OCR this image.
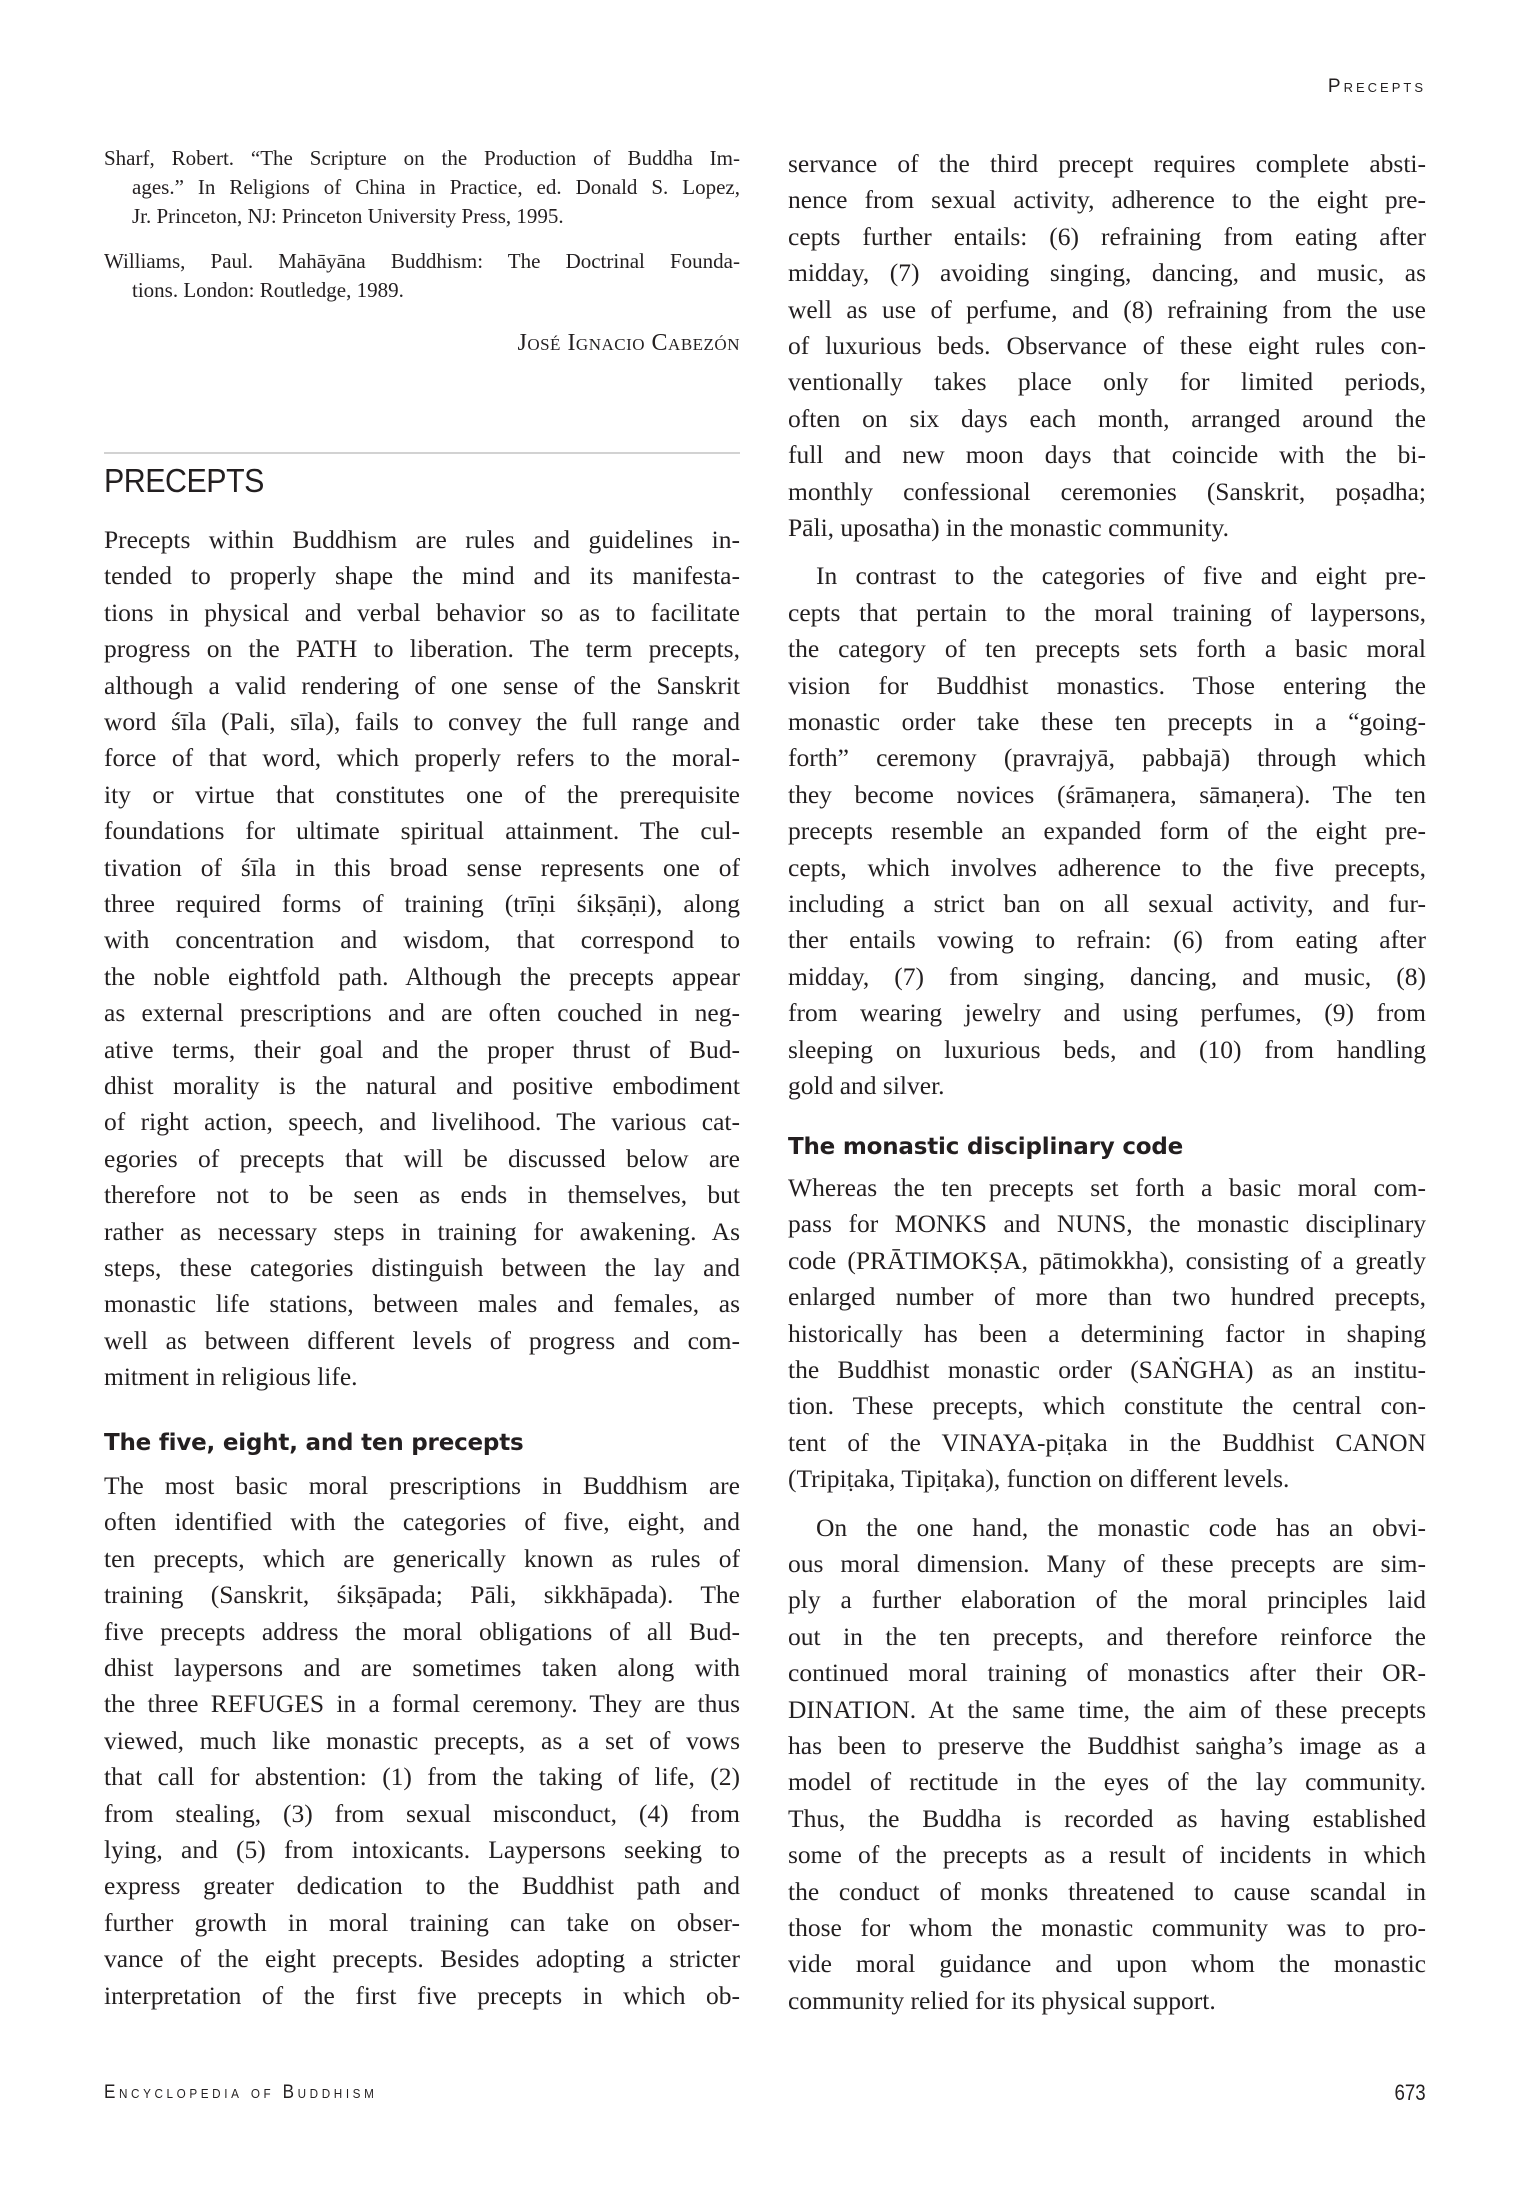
Precepts
Sharf, Robert. “The Scripture on the Production of Buddha Im-
ages.” In Religions of China in Practice, ed. Donald S. Lopez,
Jr. Princeton, NJ: Princeton University Press, 1995.
Williams, Paul. Mahāyāna Buddhism: The Doctrinal Founda-
tions. London: Routledge, 1989.
José Ignacio Cabezón
PRECEPTS
Precepts within Buddhism are rules and guidelines in-
tended to properly shape the mind and its manifesta-
tions in physical and verbal behavior so as to facilitate
progress on the PATH to liberation. The term precepts,
although a valid rendering of one sense of the Sanskrit
word śīla (Pali, sīla), fails to convey the full range and
force of that word, which properly refers to the moral-
ity or virtue that constitutes one of the prerequisite
foundations for ultimate spiritual attainment. The cul-
tivation of śīla in this broad sense represents one of
three required forms of training (trīṇi śikṣāṇi), along
with concentration and wisdom, that correspond to
the noble eightfold path. Although the precepts appear
as external prescriptions and are often couched in neg-
ative terms, their goal and the proper thrust of Bud-
dhist morality is the natural and positive embodiment
of right action, speech, and livelihood. The various cat-
egories of precepts that will be discussed below are
therefore not to be seen as ends in themselves, but
rather as necessary steps in training for awakening. As
steps, these categories distinguish between the lay and
monastic life stations, between males and females, as
well as between different levels of progress and com-
mitment in religious life.
The five, eight, and ten precepts
The most basic moral prescriptions in Buddhism are
often identified with the categories of five, eight, and
ten precepts, which are generically known as rules of
training (Sanskrit, śikṣāpada; Pāli, sikkhāpada). The
five precepts address the moral obligations of all Bud-
dhist laypersons and are sometimes taken along with
the three REFUGES in a formal ceremony. They are thus
viewed, much like monastic precepts, as a set of vows
that call for abstention: (1) from the taking of life, (2)
from stealing, (3) from sexual misconduct, (4) from
lying, and (5) from intoxicants. Laypersons seeking to
express greater dedication to the Buddhist path and
further growth in moral training can take on obser-
vance of the eight precepts. Besides adopting a stricter
interpretation of the first five precepts in which ob-
servance of the third precept requires complete absti-
nence from sexual activity, adherence to the eight pre-
cepts further entails: (6) refraining from eating after
midday, (7) avoiding singing, dancing, and music, as
well as use of perfume, and (8) refraining from the use
of luxurious beds. Observance of these eight rules con-
ventionally takes place only for limited periods,
often on six days each month, arranged around the
full and new moon days that coincide with the bi-
monthly confessional ceremonies (Sanskrit, poṣadha;
Pāli, uposatha) in the monastic community.
In contrast to the categories of five and eight pre-
cepts that pertain to the moral training of laypersons,
the category of ten precepts sets forth a basic moral
vision for Buddhist monastics. Those entering the
monastic order take these ten precepts in a “going-
forth” ceremony (pravrajyā, pabbajā) through which
they become novices (śrāmaṇera, sāmaṇera). The ten
precepts resemble an expanded form of the eight pre-
cepts, which involves adherence to the five precepts,
including a strict ban on all sexual activity, and fur-
ther entails vowing to refrain: (6) from eating after
midday, (7) from singing, dancing, and music, (8)
from wearing jewelry and using perfumes, (9) from
sleeping on luxurious beds, and (10) from handling
gold and silver.
The monastic disciplinary code
Whereas the ten precepts set forth a basic moral com-
pass for MONKS and NUNS, the monastic disciplinary
code (PRĀTIMOKṢA, pātimokkha), consisting of a greatly
enlarged number of more than two hundred precepts,
historically has been a determining factor in shaping
the Buddhist monastic order (SAṄGHA) as an institu-
tion. These precepts, which constitute the central con-
tent of the VINAYA-piṭaka in the Buddhist CANON
(Tripiṭaka, Tipiṭaka), function on different levels.
On the one hand, the monastic code has an obvi-
ous moral dimension. Many of these precepts are sim-
ply a further elaboration of the moral principles laid
out in the ten precepts, and therefore reinforce the
continued moral training of monastics after their OR-
DINATION. At the same time, the aim of these precepts
has been to preserve the Buddhist saṅgha’s image as a
model of rectitude in the eyes of the lay community.
Thus, the Buddha is recorded as having established
some of the precepts as a result of incidents in which
the conduct of monks threatened to cause scandal in
those for whom the monastic community was to pro-
vide moral guidance and upon whom the monastic
community relied for its physical support.
Encyclopedia of Buddhism	673
